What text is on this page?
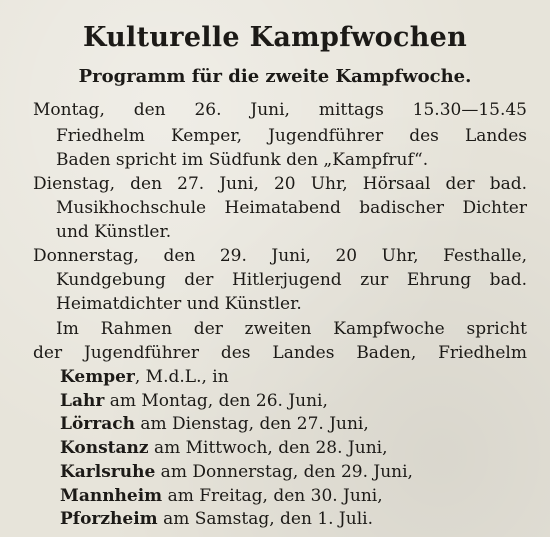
Kulturelle Kampfwochen
Programm für die zweite Kampfwoche.
Montag, den 26. Juni, mittags 15.30—15.45
Friedhelm Kemper, Jugendführer des Landes
Baden spricht im Südfunk den „Kampfruf“.
Dienstag, den 27. Juni, 20 Uhr, Hörsaal der bad.
Musikhochschule Heimatabend badischer Dichter
und Künstler.
Donnerstag, den 29. Juni, 20 Uhr, Festhalle,
Kundgebung der Hitlerjugend zur Ehrung bad.
Heimatdichter und Künstler.
Im Rahmen der zweiten Kampfwoche spricht
der Jugendführer des Landes Baden, Friedhelm
Kemper, M.d.L., in
Lahr am Montag, den 26. Juni,
Lörrach am Dienstag, den 27. Juni,
Konstanz am Mittwoch, den 28. Juni,
Karlsruhe am Donnerstag, den 29. Juni,
Mannheim am Freitag, den 30. Juni,
Pforzheim am Samstag, den 1. Juli.
